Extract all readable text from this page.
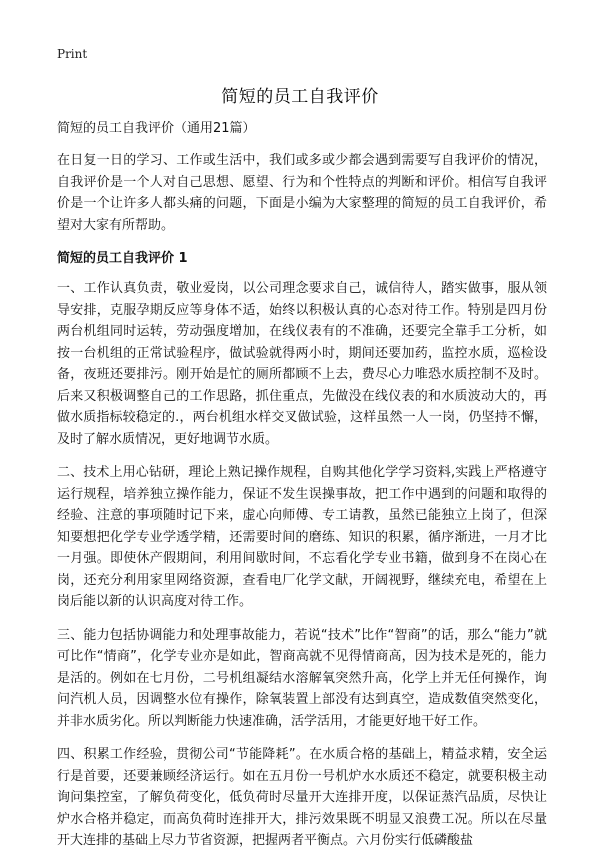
Print
简短的员工自我评价

简短的员工自我评价（通用21篇）

在日复一日的学习、工作或生活中，我们或多或少都会遇到需要写自我评价的情况，自我评价是一个人对自己思想、愿望、行为和个性特点的判断和评价。相信写自我评价是一个让许多人都头痛的问题，下面是小编为大家整理的简短的员工自我评价，希望对大家有所帮助。

简短的员工自我评价 1

一、工作认真负责，敬业爱岗，以公司理念要求自己，诚信待人，踏实做事，服从领导安排，克服孕期反应等身体不适，始终以积极认真的心态对待工作。特别是四月份两台机组同时运转，劳动强度增加，在线仪表有的不准确，还要完全靠手工分析，如按一台机组的正常试验程序，做试验就得两小时，期间还要加药，监控水质，巡检设备，夜班还要排污。刚开始是忙的厕所都顾不上去，费尽心力唯恐水质控制不及时。后来又积极调整自己的工作思路，抓住重点，先做没在线仪表的和水质波动大的，再做水质指标较稳定的.，两台机组水样交叉做试验，这样虽然一人一岗，仍坚持不懈，及时了解水质情况，更好地调节水质。

二、技术上用心钻研，理论上熟记操作规程，自购其他化学学习资料,实践上严格遵守运行规程，培养独立操作能力，保证不发生误操事故，把工作中遇到的问题和取得的经验、注意的事项随时记下来，虚心向师傅、专工请教，虽然已能独立上岗了，但深知要想把化学专业学透学精，还需要时间的磨练、知识的积累，循序渐进，一月才比一月强。即使休产假期间，利用间歇时间，不忘看化学专业书籍，做到身不在岗心在岗，还充分利用家里网络资源，查看电厂化学文献，开阔视野，继续充电，希望在上岗后能以新的认识高度对待工作。

三、能力包括协调能力和处理事故能力，若说“技术”比作“智商”的话，那么“能力”就可比作“情商”，化学专业亦是如此，智商高就不见得情商高，因为技术是死的，能力是活的。例如在七月份，二号机组凝结水溶解氧突然升高，化学上并无任何操作，询问汽机人员，因调整水位有操作，除氧装置上部没有达到真空，造成数值突然变化，并非水质劣化。所以判断能力快速准确，活学活用，才能更好地干好工作。

四、积累工作经验，贯彻公司“节能降耗”。在水质合格的基础上，精益求精，安全运行是首要，还要兼顾经济运行。如在五月份一号机炉水水质还不稳定，就要积极主动询问集控室，了解负荷变化，低负荷时尽量开大连排开度，以保证蒸汽品质，尽快让炉水合格并稳定，而高负荷时连排开大，排污效果既不明显又浪费工况。所以在尽量开大连排的基础上尽力节省资源，把握两者平衡点。六月份实行低磷酸盐
